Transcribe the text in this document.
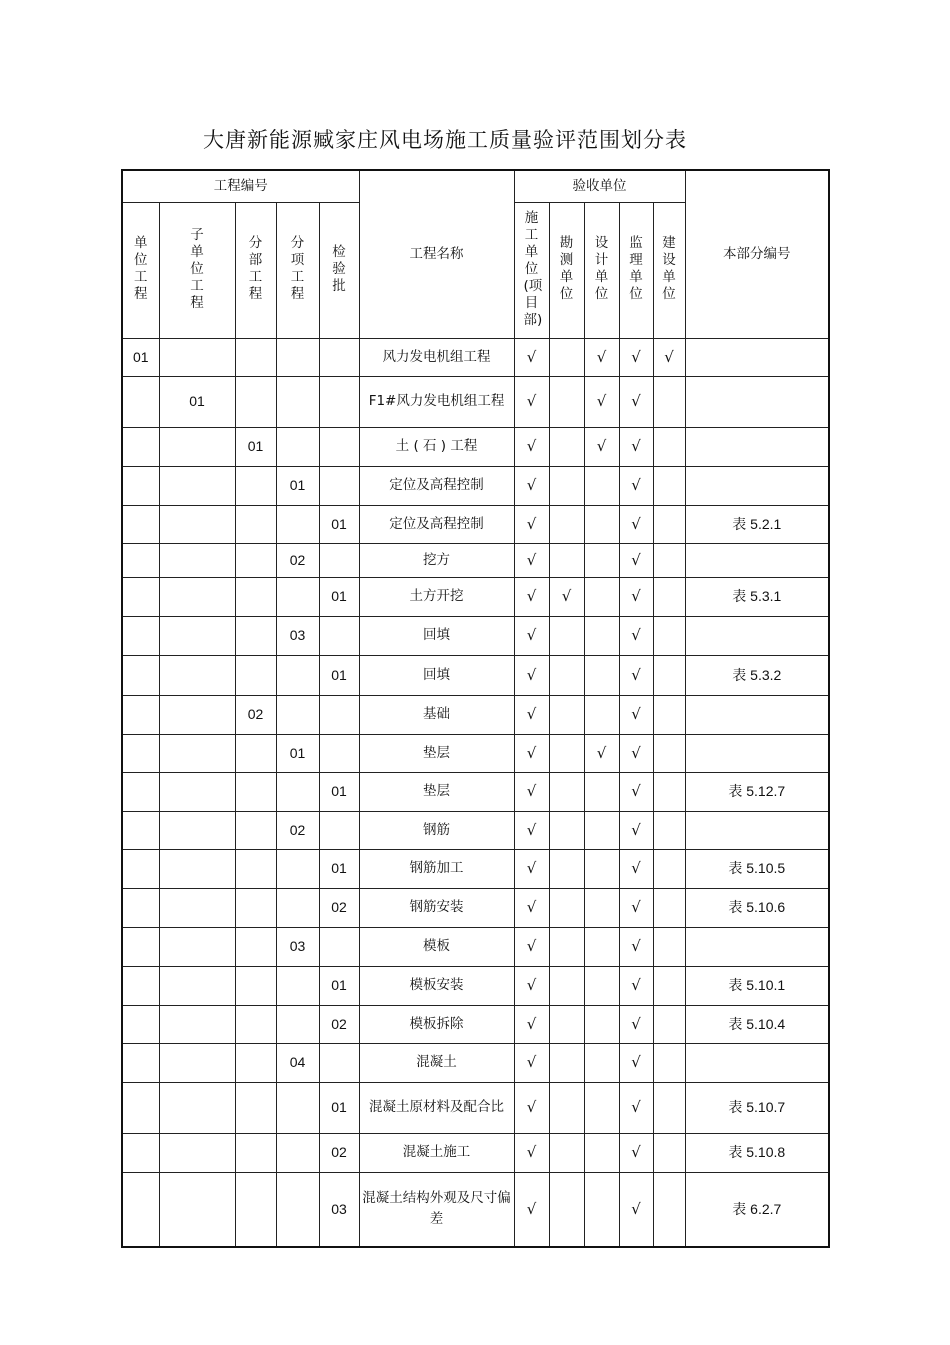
大唐新能源臧家庄风电场施工质量验评范围划分表
工程编号					工程名称	验收单位					本部分编号
单位工程	子单位工程	分部工程	分项工程	检验批		施工单位(项目部)	勘测单位	设计单位	监理单位	建设单位	
01					风力发电机组工程	√		√	√	√	
	01				F1#风力发电机组工程	√		√	√		
		01			土 ( 石 ) 工程	√		√	√		
			01		定位及高程控制	√			√		
				01	定位及高程控制	√			√		表 5.2.1
			02		挖方	√			√		
				01	土方开挖	√	√		√		表 5.3.1
			03		回填	√			√		
				01	回填	√			√		表 5.3.2
		02			基础	√			√		
			01		垫层	√		√	√		
				01	垫层	√			√		表 5.12.7
			02		钢筋	√			√		
				01	钢筋加工	√			√		表 5.10.5
				02	钢筋安装	√			√		表 5.10.6
			03		模板	√			√		
				01	模板安装	√			√		表 5.10.1
				02	模板拆除	√			√		表 5.10.4
			04		混凝土	√			√		
				01	混凝土原材料及配合比	√			√		表 5.10.7
				02	混凝土施工	√			√		表 5.10.8
				03	混凝土结构外观及尺寸偏差	√			√		表 6.2.7
